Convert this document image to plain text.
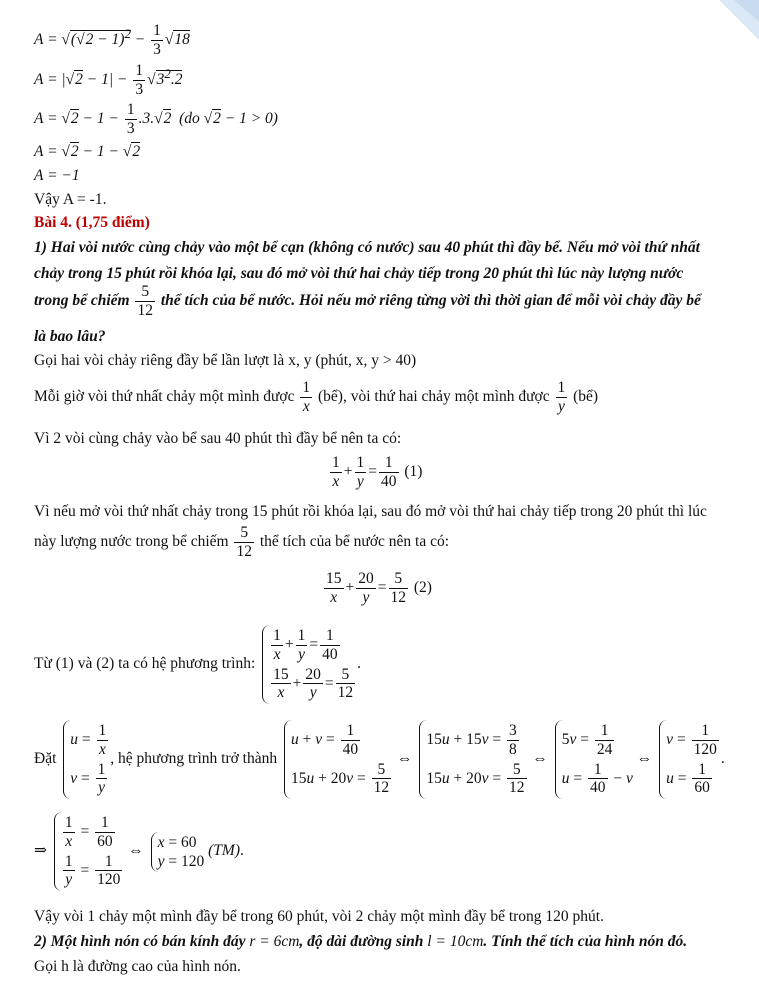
$A = √(√2 - 1)^2 - \frac{1}{3} √18$
$A = |√2 - 1| - \frac{1}{3} √3^2.2$
$A = √2 - 1 - \frac{1}{3} .3.√2$  (do √2 − 1 > 0)
A = √2 − 1 − √2
A = −1
Vậy A = -1.
Bài 4. (1,75 điểm)
1) Hai vòi nước cùng chảy vào một bể cạn (không có nước) sau 40 phút thì đầy bể. Nếu mở vòi thứ nhất
chảy trong 15 phút rồi khóa lại, sau đó mở vòi thứ hai chảy tiếp trong 20 phút thì lúc này lượng nước
trong bể chiếm $\frac{5}{12}$ thể tích của bể nước. Hỏi nếu mở riêng từng vời thì thời gian để mỗi vòi chảy đầy bể
là bao lâu?
Gọi hai vòi chảy riêng đầy bể lần lượt là x, y (phút, x, y > 40)
Mỗi giờ vòi thứ nhất chảy một mình được $\frac{1}{x}$ (bể), vòi thứ hai chảy một mình được $\frac{1}{y}$ (bể)
Vì 2 vòi cùng chảy vào bể sau 40 phút thì đầy bể nên ta có:
$\frac{1}{x} + \frac{1}{y} = \frac{1}{40} (1)$
Vì nếu mở vòi thứ nhất chảy trong 15 phút rồi khóa lại, sau đó mở vòi thứ hai chảy tiếp trong 20 phút thì lúc
này lượng nước trong bể chiếm $\frac{5}{12}$ thể tích của bể nước nên ta có:
$\frac{15}{x} + \frac{20}{y} = \frac{5}{12} (2)$
Từ (1) và (2) ta có hệ phương trình:
$\frac{1}{x} + \frac{1}{y} = \frac{1}{40}$
$\frac{15}{x} + \frac{20}{y} = \frac{5}{12}$
.
Đặt
$u = \frac{1}{x}$
$v = \frac{1}{y}$
, hệ phương trình trở thành
$u + v = \frac{1}{40}$
$15u + 20v = \frac{5}{12}$
⇔
$15u + 15v = \frac{3}{8}$
$15u + 20v = \frac{5}{12}$
⇔
$5v = \frac{1}{24}$
$u = \frac{1}{40} - v$
⇔
$v = \frac{1}{120}$
$u = \frac{1}{60}$
.
⇒
$\frac{1}{x} = \frac{1}{60}$
$\frac{1}{y} = \frac{1}{120}$
⇔
x = 60
y = 120
(TM).
Vậy vòi 1 chảy một mình đầy bể trong 60 phút, vòi 2 chảy một mình đầy bể trong 120 phút.
2) Một hình nón có bán kính đáy r = 6cm, độ dài đường sinh l = 10cm. Tính thể tích của hình nón đó.
Gọi h là đường cao của hình nón.
A
A
A
A
A
